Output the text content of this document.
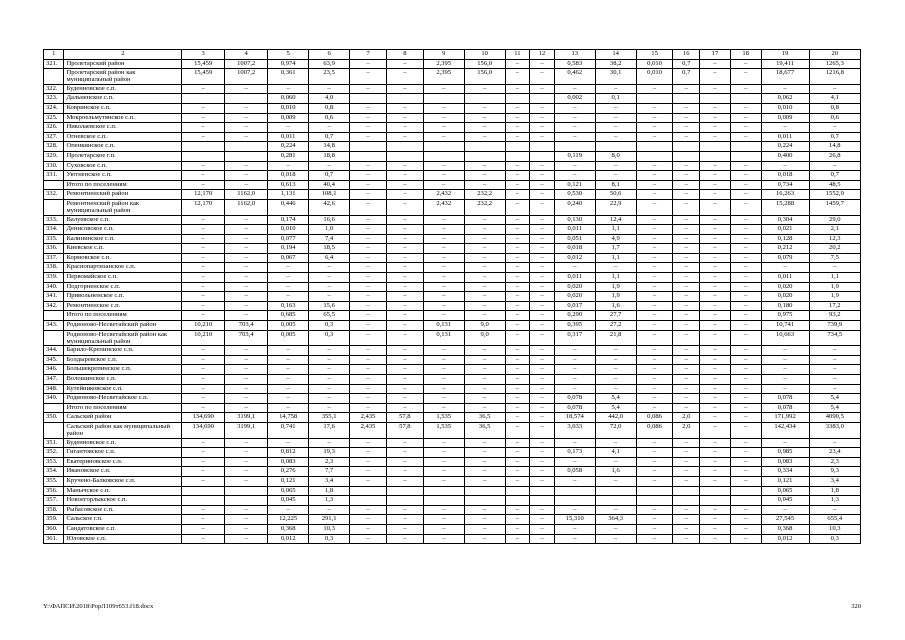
1	2	3	4	5	6	7	8	9	10	11	12	13	14	15	16	17	18	19	20
321.	Пролетарский район	15,459	1007,2	0,974	63,9	–	–	2,395	156,0	–	–	0,583	38,2	0,010	0,7	–	–	19,411	1265,3
	Пролетарский район как муниципальный район	15,459	1007,2	0,361	23,5	–	–	2,395	156,0	–	–	0,462	30,1	0,010	0,7	–	–	18,677	1216,8
322.	Буденновское с.п.	–	–	–	–	–	–	–	–	–	–	–	–	–	–	–	–	–	–
323.	Дальненское с.п.			0,060	4,0							0,002	0,1					0,062	4,1
324.	Ковринское с.п.	–	–	0,010	0,8	–	–	–	–	–	–	–	–	–	–	–	–	0,010	0,8
325.	Мокроельмутянское с.п.	–	–	0,009	0,6	–	–	–	–	–	–	–	–	–	–	–	–	0,009	0,6
326.	Николаевское с.п.	–	–	–	–	–	–	–	–	–	–	–	–	–	–	–	–	–	–
327.	Огневское с.п.	–	–	0,011	0,7	–	–	–	–	–	–	–	–	–	–	–	–	0,011	0,7
328.	Опенкинское с.п.			0,224	14,8													0,224	14,8
329.	Пролетарское г.п.			0,281	18,8							0,119	8,0					0,400	26,8
330.	Суховское с.п.	–	–	–	–	–	–	–	–	–	–	–	–	–	–	–	–	–	–
331.	Уютненское с.п.	–	–	0,018	0,7	–	–	–	–	–	–	–	–	–	–	–	–	0,018	0,7
	Итого по поселениям	–	–	0,613	40,4	–	–	–	–	–	–	0,121	8,1	–	–	–	–	0,734	48,5
332.	Ремонтненский район	12,170	1162,0	1,131	108,1	–	–	2,432	232,2	–	–	0,530	50,6	–	–	–	–	16,263	1552,9
	Ремонтненский район как муниципальный район	12,170	1162,0	0,446	42,6	–	–	2,432	232,2	–	–	0,240	22,9	–	–	–	–	15,288	1459,7
333.	Валуевское с.п.	–	–	0,174	16,6	–	–	–	–	–	–	0,130	12,4	–	–	–	–	0,304	29,0
334.	Денисовское с.п.	–	–	0,010	1,0	–	–	–	–	–	–	0,011	1,1	–	–	–	–	0,021	2,1
335.	Калининское с.п.	–	–	0,077	7,4	–	–	–	–	–	–	0,051	4,9	–	–	–	–	0,128	12,3
336.	Киевское с.п.	–	–	0,194	18,5	–	–	–	–	–	–	0,018	1,7	–	–	–	–	0,212	20,2
337.	Кормовское с.п.	–	–	0,067	6,4	–	–	–	–	–	–	0,012	1,1	–	–	–	–	0,079	7,5
338.	Краснопартизанское с.п.	–	–	–	–	–	–	–	–	–	–	–	–	–	–	–	–	–	–
339.	Первомайское с.п.	–	–	–	–	–	–	–	–	–	–	0,011	1,1	–	–	–	–	0,011	1,1
340.	Подгорненское с.п.	–	–	–	–	–	–	–	–	–	–	0,020	1,9	–	–	–	–	0,020	1,9
341.	Привольненское с.п.	–	–	–	–	–	–	–	–	–	–	0,020	1,9	–	–	–	–	0,020	1,9
342.	Ремонтненское с.п.	–	–	0,163	15,6	–	–	–	–	–	–	0,017	1,6	–	–	–	–	0,180	17,2
	Итого по поселениям	–	–	0,685	65,5	–	–	–	–	–	–	0,290	27,7	–	–	–	–	0,975	93,2
343.	Родионово-Несветайский район	10,210	703,4	0,005	0,3	–	–	0,131	9,0	–	–	0,395	27,2	–	–	–	–	10,741	739,9
	Родионово-Несветайский район как муниципальный район	10,210	703,4	0,005	0,3	–	–	0,131	9,0	–	–	0,317	21,8	–	–	–	–	10,663	734,5
344.	Барило-Крепинское с.п.	–	–	–	–	–	–	–	–	–	–	–	–	–	–	–	–	–	–
345.	Болдыревское с.п.	–	–	–	–	–	–	–	–	–	–	–	–	–	–	–	–	–	–
346.	Большекрепинское с.п.	–	–	–	–	–	–	–	–	–	–	–	–	–	–	–	–	–	–
347.	Волошинское с.п.	–	–	–	–	–	–	–	–	–	–	–	–	–	–	–	–	–	–
348.	Кутейниковское с.п.	–	–	–	–	–	–	–	–	–	–	–	–	–	–	–	–	–	–
349.	Родионово-Несветайское с.п.	–	–	–	–	–	–	–	–	–	–	0,078	5,4	–	–	–	–	0,078	5,4
	Итого по поселениям	–	–	–	–	–	–	–	–	–	–	0,078	5,4	–	–	–	–	0,078	5,4
350.	Сальский район	134,690	3199,1	14,758	355,1	2,435	57,8	1,535	36,5	–	–	18,574	442,0	0,086	2,0	–	–	171,992	4090,5
	Сальский район как муниципальный район	134,690	3199,1	0,741	17,6	2,435	57,8	1,535	36,5	–	–	3,033	72,0	0,086	2,0	–	–	142,434	3383,0
351.	Буденновское с.п.	–	–	–	–	–	–	–	–	–	–	–	–	–	–	–	–	–	–
352.	Гигантовское с.п.	–	–	0,812	19,3	–	–	–	–	–	–	0,173	4,1	–	–	–	–	0,985	23,4
353.	Екатериновское с.п.	–	–	0,083	2,3	–	–	–	–	–	–	–	–	–	–	–	–	0,083	2,3
354.	Ивановское с.п.	–	–	0,276	7,7	–	–	–	–	–	–	0,058	1,6	–	–	–	–	0,334	9,3
355.	Кручено-Балковское с.п.	–	–	0,121	3,4	–	–	–	–	–	–	–	–	–	–	–	–	0,121	3,4
356.	Манычское с.п.			0,065	1,8													0,065	1,8
357.	Новоегорлыкское с.п.			0,045	1,3													0,045	1,3
358.	Рыбасовское с.п.	–	–	–	–	–	–	–	–	–	–	–	–	–	–	–	–	–	–
359.	Сальское г.п.	–	–	12,225	291,1	–	–	–	–	–	–	15,310	364,3	–	–	–	–	27,545	655,4
360.	Сандатовское с.п.	–	–	0,368	10,3	–	–	–	–	–	–	–	–	–	–	–	–	0,368	10,3
361.	Юловское с.п.	–	–	0,012	0,3	–	–	–	–	–	–	–	–	–	–	–	–	0,012	0,3
Y:\ФАПСИ\2018\РорЛ109т653.f18.docx	320
